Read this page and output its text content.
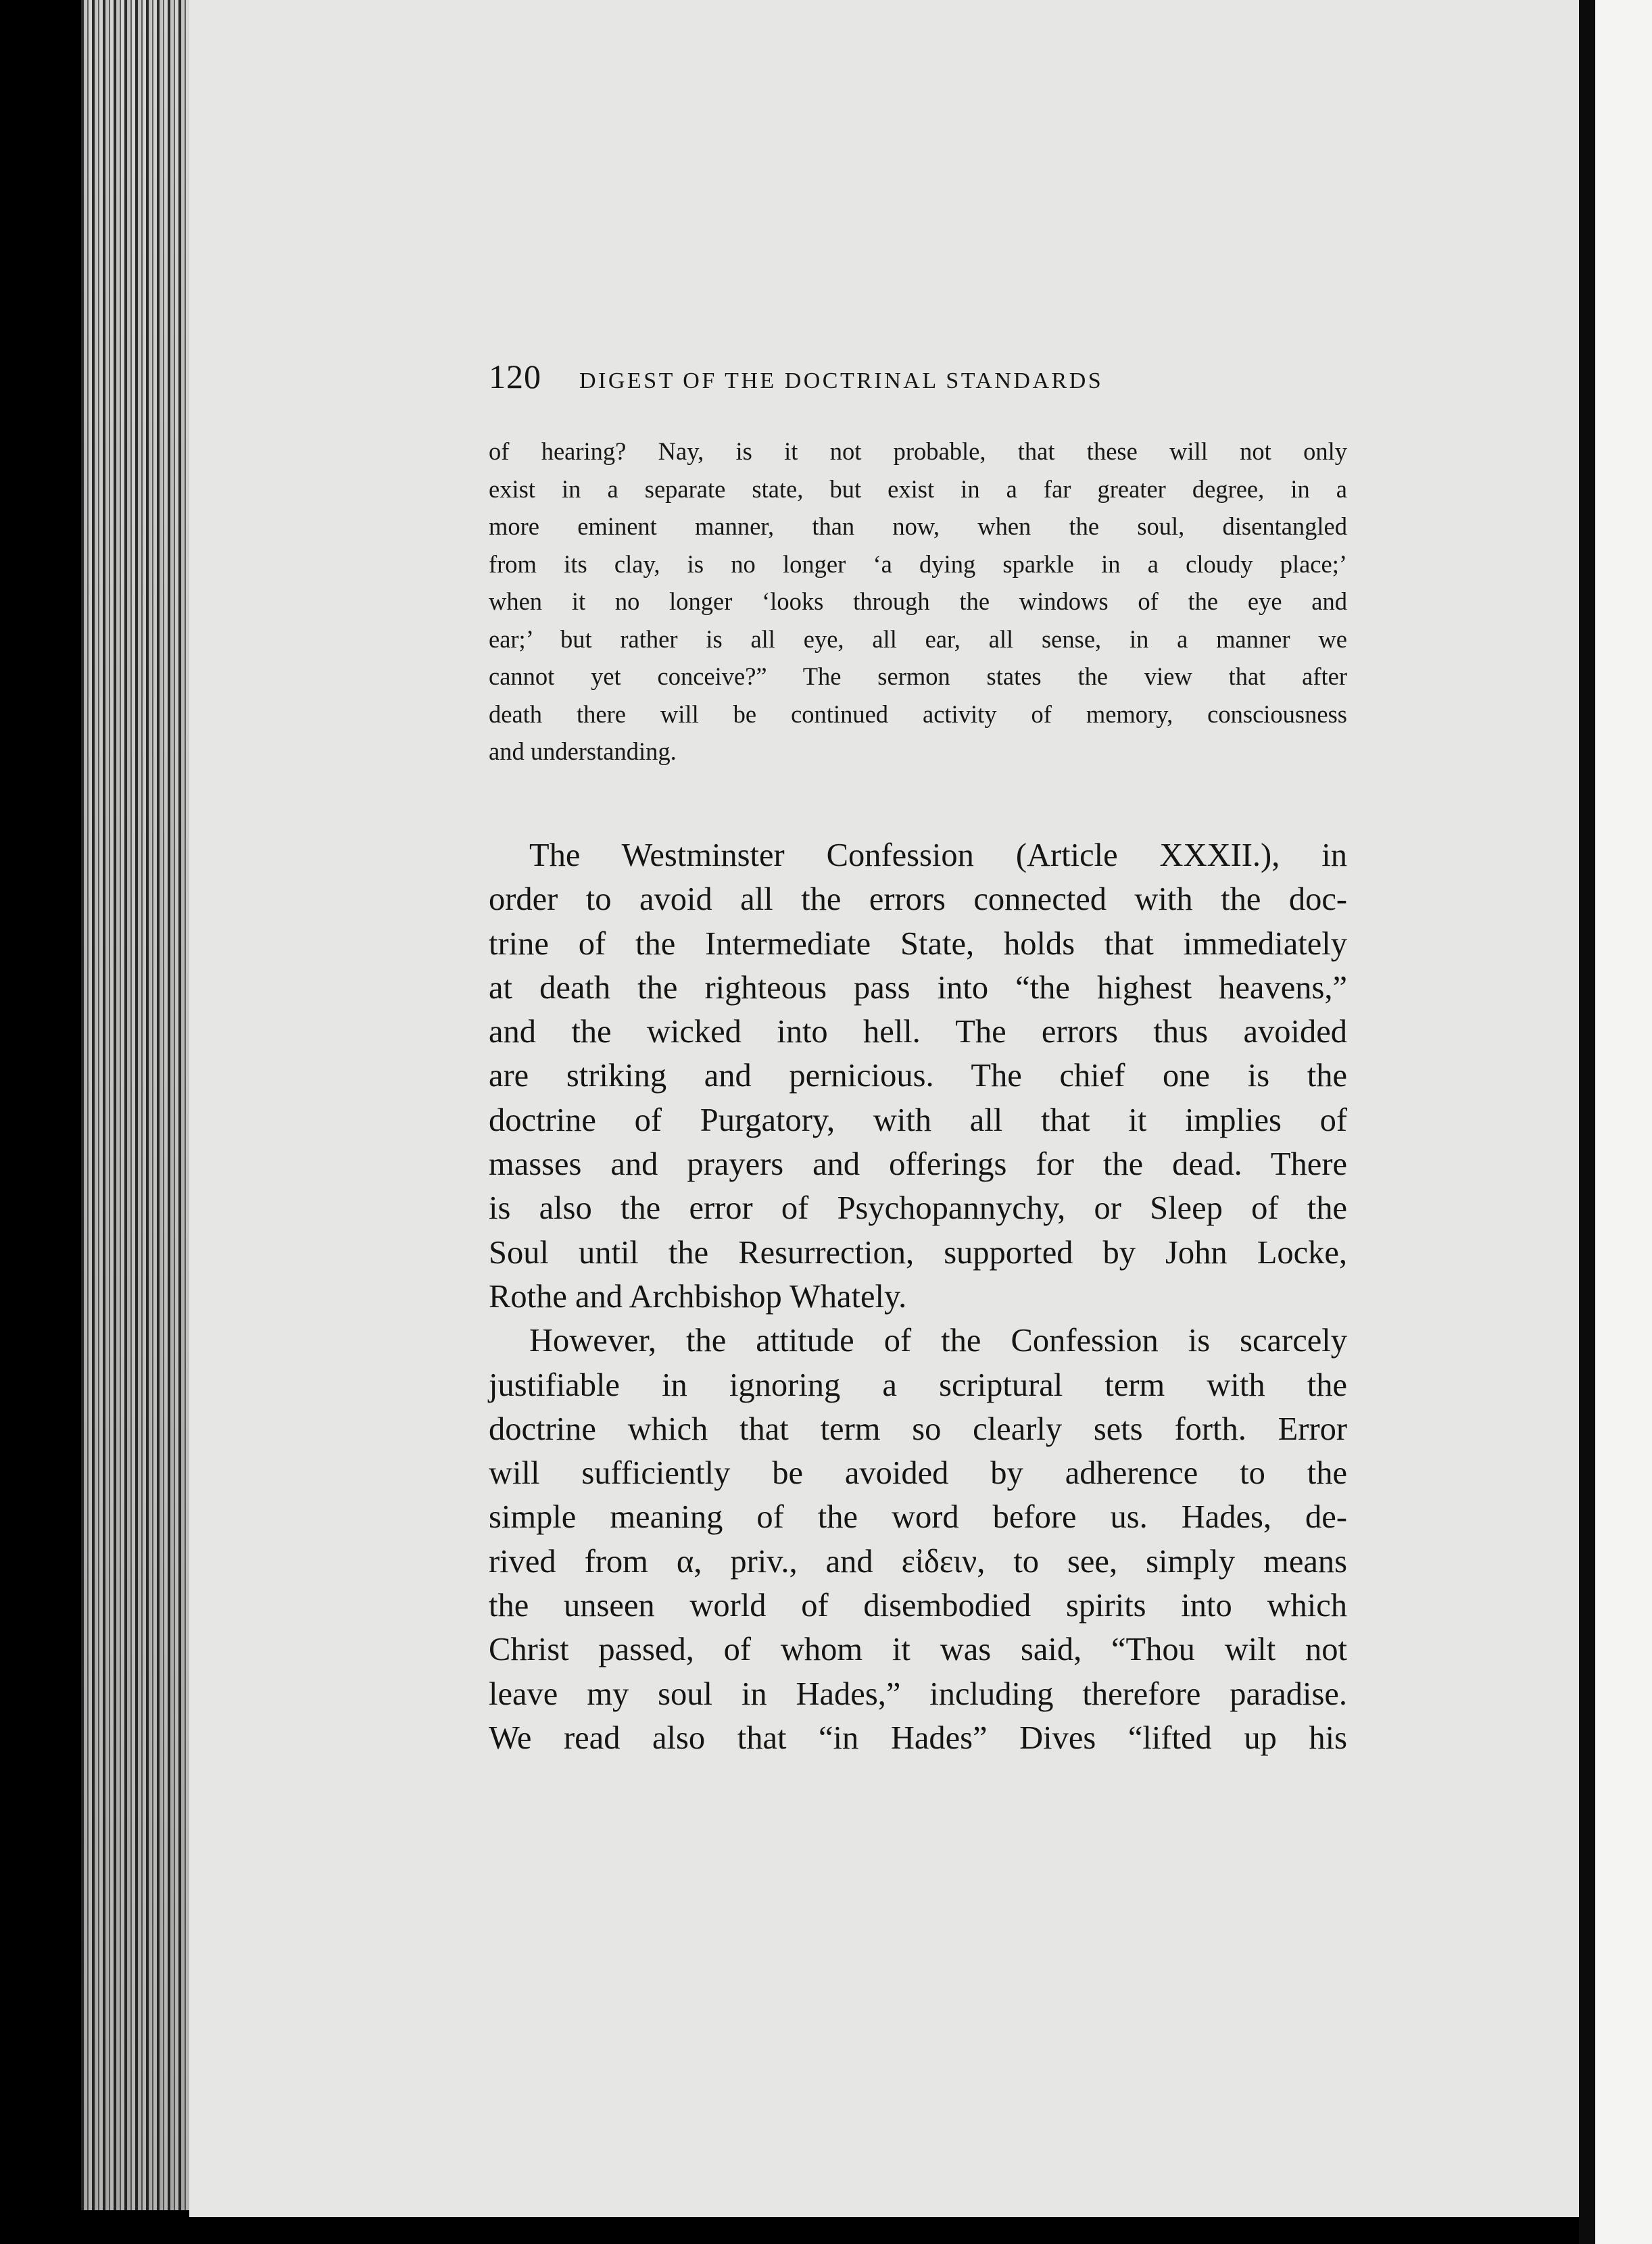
120 DIGEST OF THE DOCTRINAL STANDARDS
of hearing? Nay, is it not probable, that these will not only
exist in a separate state, but exist in a far greater degree, in a
more eminent manner, than now, when the soul, disentangled
from its clay, is no longer ‘a dying sparkle in a cloudy place;’
when it no longer ‘looks through the windows of the eye and
ear;’ but rather is all eye, all ear, all sense, in a manner we
cannot yet conceive?” The sermon states the view that after
death there will be continued activity of memory, consciousness
and understanding.
The Westminster Confession (Article XXXII.), in
order to avoid all the errors connected with the doc-
trine of the Intermediate State, holds that immediately
at death the righteous pass into “the highest heavens,”
and the wicked into hell. The errors thus avoided
are striking and pernicious. The chief one is the
doctrine of Purgatory, with all that it implies of
masses and prayers and offerings for the dead. There
is also the error of Psychopannychy, or Sleep of the
Soul until the Resurrection, supported by John Locke,
Rothe and Archbishop Whately.
However, the attitude of the Confession is scarcely
justifiable in ignoring a scriptural term with the
doctrine which that term so clearly sets forth. Error
will sufficiently be avoided by adherence to the
simple meaning of the word before us. Hades, de-
rived from α, priv., and εἰδειν, to see, simply means
the unseen world of disembodied spirits into which
Christ passed, of whom it was said, “Thou wilt not
leave my soul in Hades,” including therefore paradise.
We read also that “in Hades” Dives “lifted up his
